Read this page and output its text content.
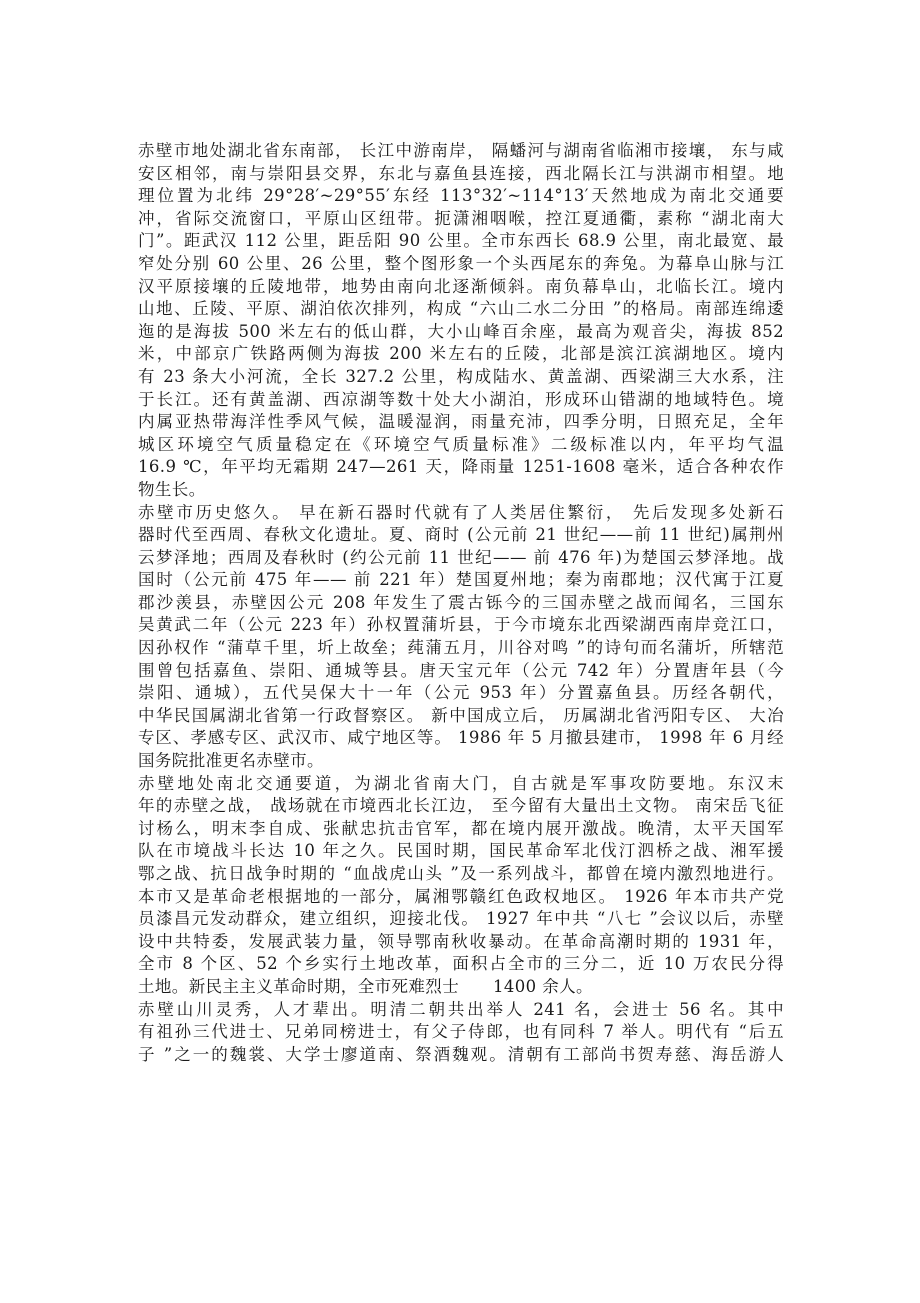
赤壁市地处湖北省东南部， 长江中游南岸， 隔蟠河与湖南省临湘市接壤， 东与咸
安区相邻，南与崇阳县交界，东北与嘉鱼县连接，西北隔长江与洪湖市相望。地
理位置为北纬 29°28′~29°55′东经 113°32′~114°13′天然地成为南北交通要
冲，省际交流窗口，平原山区纽带。扼潇湘咽喉，控江夏通衢，素称 “湖北南大
门”。距武汉 112 公里，距岳阳 90 公里。全市东西长 68.9 公里，南北最宽、最
窄处分别 60 公里、26 公里，整个图形象一个头西尾东的奔兔。为幕阜山脉与江
汉平原接壤的丘陵地带，地势由南向北逐渐倾斜。南负幕阜山，北临长江。境内
山地、丘陵、平原、湖泊依次排列，构成 “六山二水二分田 ”的格局。南部连绵逶
迤的是海拔 500 米左右的低山群，大小山峰百余座，最高为观音尖，海拔 852
米，中部京广铁路两侧为海拔 200 米左右的丘陵，北部是滨江滨湖地区。境内
有 23 条大小河流，全长 327.2 公里，构成陆水、黄盖湖、西梁湖三大水系，注
于长江。还有黄盖湖、西凉湖等数十处大小湖泊，形成环山错湖的地域特色。境
内属亚热带海洋性季风气候，温暖湿润，雨量充沛，四季分明，日照充足，全年
城区环境空气质量稳定在《环境空气质量标准》二级标准以内，年平均气温
16.9 ℃，年平均无霜期 247—261 天，降雨量 1251-1608 毫米，适合各种农作
物生长。
赤壁市历史悠久。 早在新石器时代就有了人类居住繁衍， 先后发现多处新石
器时代至西周、春秋文化遗址。夏、商时 (公元前 21 世纪——前 11 世纪)属荆州
云梦泽地；西周及春秋时 (约公元前 11 世纪—— 前 476 年)为楚国云梦泽地。战
国时（公元前 475 年—— 前 221 年）楚国夏州地；秦为南郡地；汉代寓于江夏
郡沙羡县，赤壁因公元 208 年发生了震古铄今的三国赤壁之战而闻名，三国东
吴黄武二年（公元 223 年）孙权置蒲圻县，于今市境东北西梁湖西南岸竞江口，
因孙权作 “蒲草千里，圻上故垒；莼蒲五月，川谷对鸣 ”的诗句而名蒲圻，所辖范
围曾包括嘉鱼、崇阳、通城等县。唐天宝元年（公元 742 年）分置唐年县（今
崇阳、通城），五代吴保大十一年（公元 953 年）分置嘉鱼县。历经各朝代，
中华民国属湖北省第一行政督察区。 新中国成立后， 历属湖北省沔阳专区、 大冶
专区、孝感专区、武汉市、咸宁地区等。 1986 年 5 月撤县建市， 1998 年 6 月经
国务院批准更名赤壁市。
赤壁地处南北交通要道，为湖北省南大门，自古就是军事攻防要地。东汉末
年的赤壁之战， 战场就在市境西北长江边， 至今留有大量出土文物。 南宋岳飞征
讨杨么，明末李自成、张献忠抗击官军，都在境内展开激战。晚清，太平天国军
队在市境战斗长达 10 年之久。民国时期，国民革命军北伐汀泗桥之战、湘军援
鄂之战、抗日战争时期的 “血战虎山头 ”及一系列战斗，都曾在境内激烈地进行。
本市又是革命老根据地的一部分，属湘鄂赣红色政权地区。 1926 年本市共产党
员漆昌元发动群众，建立组织，迎接北伐。 1927 年中共 “八七 ”会议以后，赤壁
设中共特委，发展武装力量，领导鄂南秋收暴动。在革命高潮时期的 1931 年，
全市 8 个区、52 个乡实行土地改革，面积占全市的三分二，近 10 万农民分得
土地。新民主主义革命时期，全市死难烈士      1400 余人。
赤壁山川灵秀，人才辈出。明清二朝共出举人 241 名，会进士 56 名。其中
有祖孙三代进士、兄弟同榜进士，有父子侍郎，也有同科 7 举人。明代有 “后五
子 ”之一的魏裳、大学士廖道南、祭酒魏观。清朝有工部尚书贺寿慈、海岳游人
